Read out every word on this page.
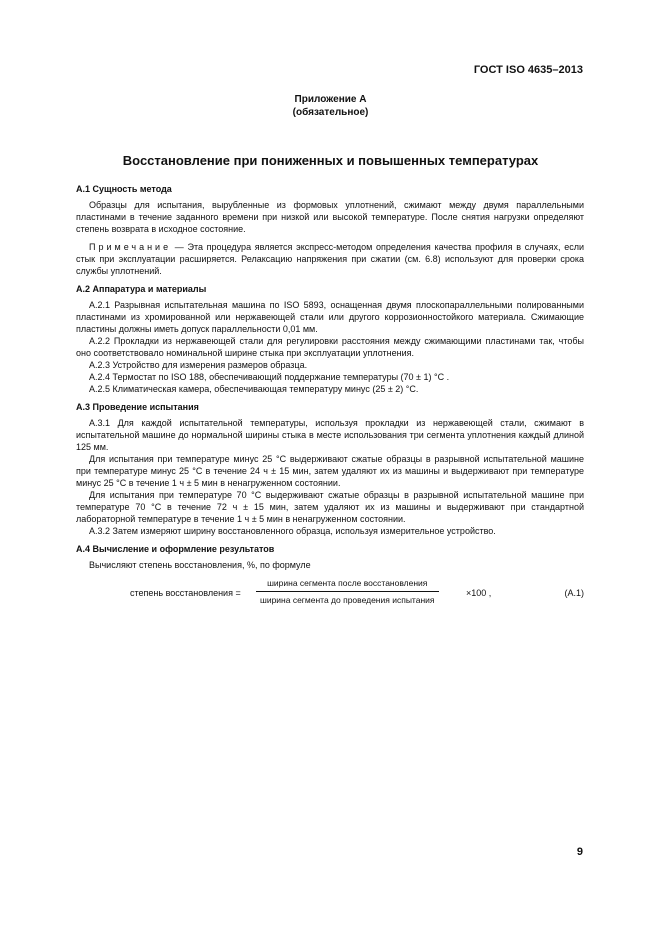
ГОСТ ISO 4635–2013
Приложение А
(обязательное)
Восстановление при пониженных и повышенных температурах
А.1 Сущность метода

Образцы для испытания, вырубленные из формовых уплотнений, сжимают между двумя параллельными пластинами в течение заданного времени при низкой или высокой температуре. После снятия нагрузки определяют степень возврата в исходное состояние.

Примечание — Эта процедура является экспресс-методом определения качества профиля в случаях, если стык при эксплуатации расширяется. Релаксацию напряжения при сжатии (см. 6.8) используют для проверки срока службы уплотнений.

А.2 Аппаратура и материалы

А.2.1 Разрывная испытательная машина по ISO 5893, оснащенная двумя плоскопараллельными полированными пластинами из хромированной или нержавеющей стали или другого коррозионностойкого материала. Сжимающие пластины должны иметь допуск параллельности 0,01 мм.

А.2.2 Прокладки из нержавеющей стали для регулировки расстояния между сжимающими пластинами так, чтобы оно соответствовало номинальной ширине стыка при эксплуатации уплотнения.

А.2.3 Устройство для измерения размеров образца.

А.2.4 Термостат по ISO 188, обеспечивающий поддержание температуры (70 ± 1) °С .

А.2.5 Климатическая камера, обеспечивающая температуру минус (25 ± 2) °С.

А.3 Проведение испытания

А.3.1 Для каждой испытательной температуры, используя прокладки из нержавеющей стали, сжимают в испытательной машине до нормальной ширины стыка в месте использования три сегмента уплотнения каждый длиной 125 мм.

Для испытания при температуре минус 25 °С выдерживают сжатые образцы в разрывной испытательной машине при температуре минус 25 °С в течение 24 ч ± 15 мин, затем удаляют их из машины и выдерживают при температуре минус 25 °С в течение 1 ч ± 5 мин в ненагруженном состоянии.

Для испытания при температуре 70 °С выдерживают сжатые образцы в разрывной испытательной машине при температуре 70 °С в течение 72 ч ± 15 мин, затем удаляют их из машины и выдерживают при стандартной лабораторной температуре в течение 1 ч ± 5 мин в ненагруженном состоянии.

А.3.2 Затем измеряют ширину восстановленного образца, используя измерительное устройство.

А.4 Вычисление и оформление результатов

Вычисляют степень восстановления, %, по формуле

степень восстановления =
ширина сегмента после восстановления
ширина сегмента до проведения испытания
×100 ,	(А.1)
9
